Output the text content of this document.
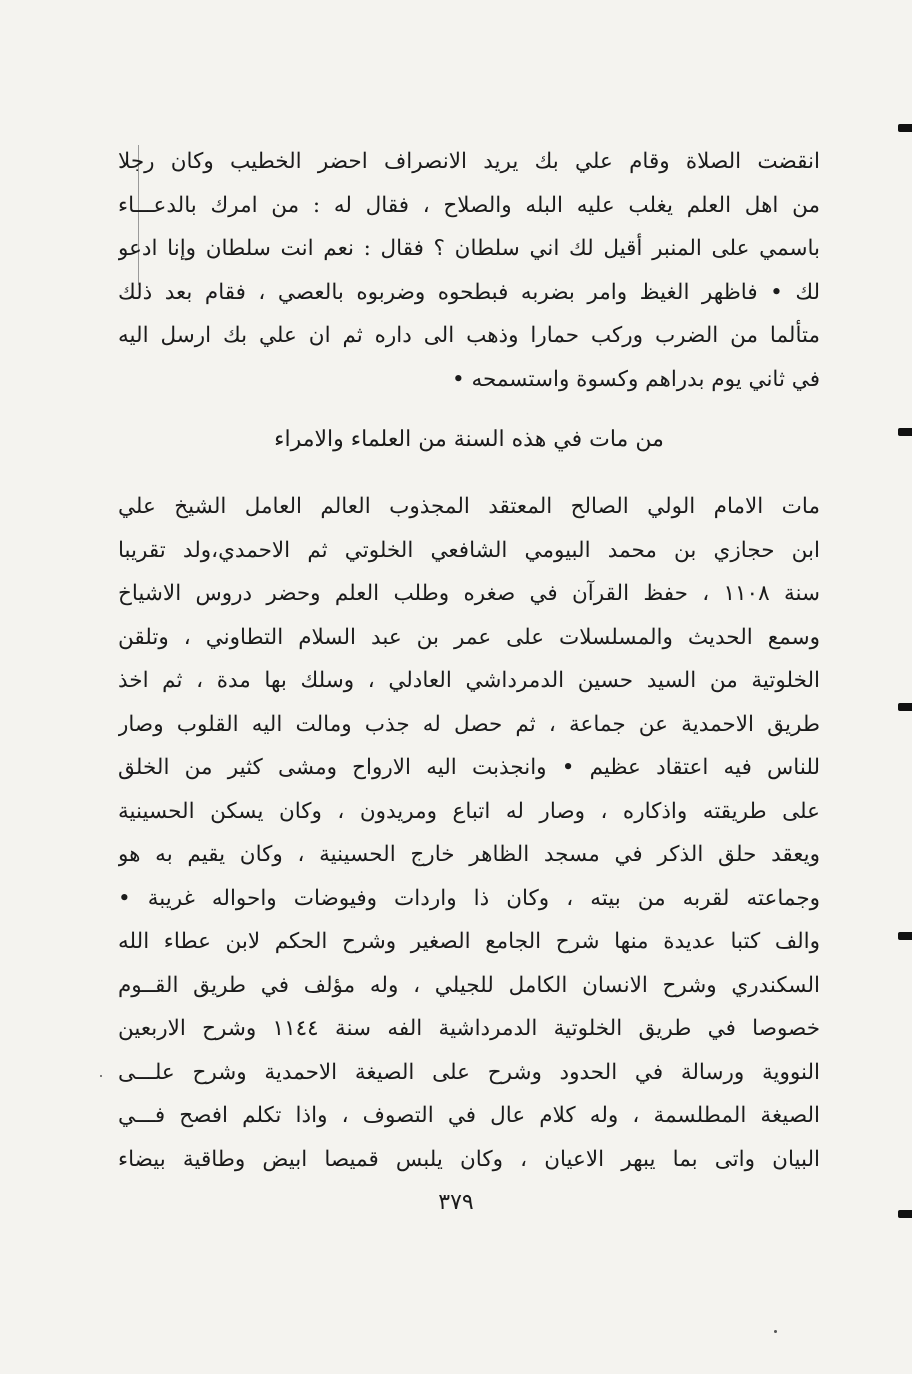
انقضت الصلاة وقام علي بك يريد الانصراف احضر الخطيب وكان رجلا
من اهل العلم يغلب عليه البله والصلاح ، فقال له : من امرك بالدعـــاء
باسمي على المنبر أقيل لك اني سلطان ؟ فقال : نعم انت سلطان وإنا ادعو
لك • فاظهر الغيظ وامر بضربه فبطحوه وضربوه بالعصي ، فقام بعد ذلك
متألما من الضرب وركب حمارا وذهب الى داره ثم ان علي بك ارسل اليه
في ثاني يوم بدراهم وكسوة واستسمحه •
من مات في هذه السنة من العلماء والامراء
مات الامام الولي الصالح المعتقد المجذوب العالم العامل الشيخ علي
ابن حجازي بن محمد البيومي الشافعي الخلوتي ثم الاحمدي،ولد تقريبا
سنة ١١٠٨ ، حفظ القرآن في صغره وطلب العلم وحضر دروس الاشياخ
وسمع الحديث والمسلسلات على عمر بن عبد السلام التطاوني ، وتلقن
الخلوتية من السيد حسين الدمرداشي العادلي ، وسلك بها مدة ، ثم اخذ
طريق الاحمدية عن جماعة ، ثم حصل له جذب ومالت اليه القلوب وصار
للناس فيه اعتقاد عظيم • وانجذبت اليه الارواح ومشى كثير من الخلق
على طريقته واذكاره ، وصار له اتباع ومريدون ، وكان يسكن الحسينية
ويعقد حلق الذكر في مسجد الظاهر خارج الحسينية ، وكان يقيم به هو
وجماعته لقربه من بيته ، وكان ذا واردات وفيوضات واحواله غريبة •
والف كتبا عديدة منها شرح الجامع الصغير وشرح الحكم لابن عطاء الله
السكندري وشرح الانسان الكامل للجيلي ، وله مؤلف في طريق القــوم
خصوصا في طريق الخلوتية الدمرداشية الفه سنة ١١٤٤ وشرح الاربعين
النووية ورسالة في الحدود وشرح على الصيغة الاحمدية وشرح علـــى
الصيغة المطلسمة ، وله كلام عال في التصوف ، واذا تكلم افصح فـــي
البيان واتى بما يبهر الاعيان ، وكان يلبس قميصا ابيض وطاقية بيضاء
٣٧٩
